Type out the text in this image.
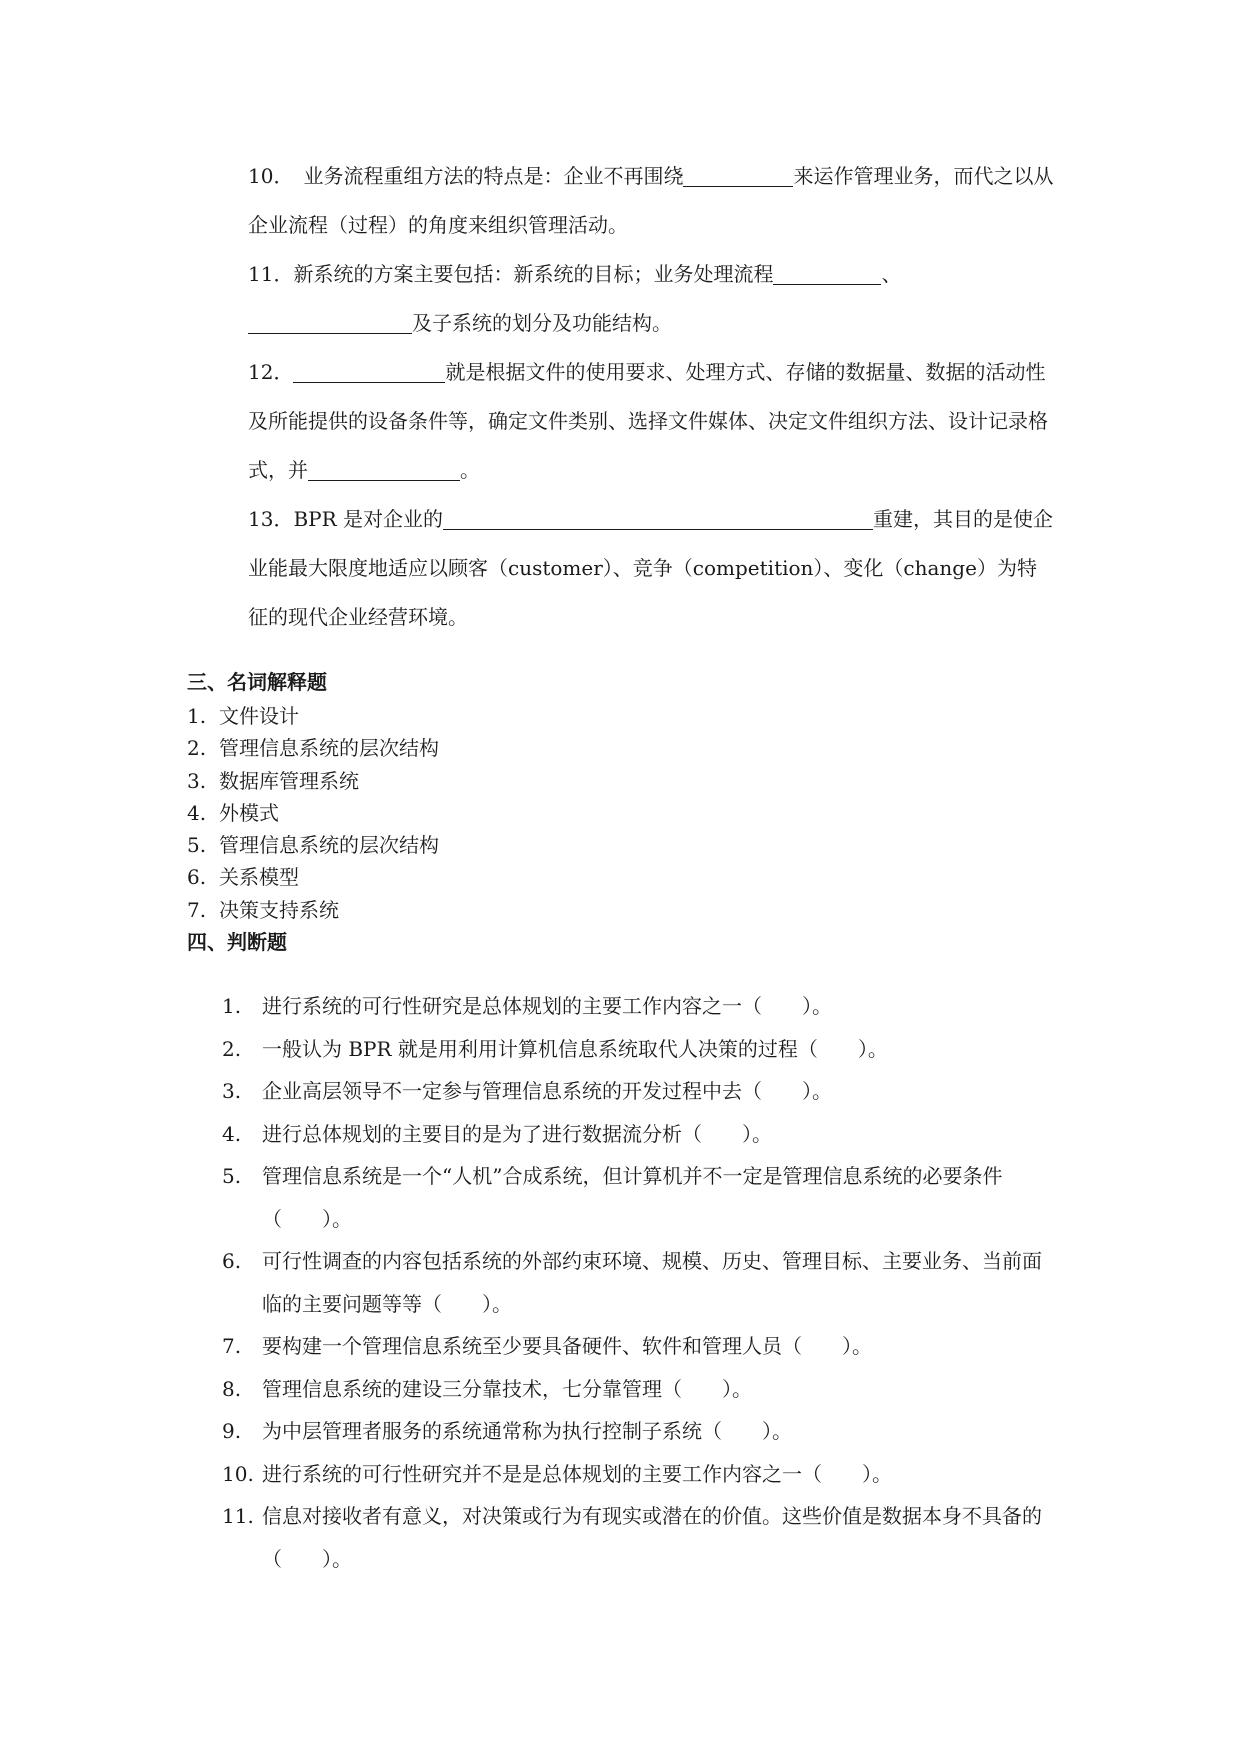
10．　业务流程重组方法的特点是：企业不再围绕	来运作管理业务，而代之以从企业流程（过程）的角度来组织管理活动。

11．新系统的方案主要包括：新系统的目标；业务处理流程	、
及子系统的划分及功能结构。

12．	就是根据文件的使用要求、处理方式、存储的数据量、数据的活动性及所能提供的设备条件等，确定文件类别、选择文件媒体、决定文件组织方法、设计记录格式，并	。

13．BPR 是对企业的	重建，其目的是使企业能最大限度地适应以顾客（customer）、竞争（competition）、变化（change）为特征的现代企业经营环境。

三、名词解释题
1. 文件设计
2. 管理信息系统的层次结构
3. 数据库管理系统
4. 外模式
5. 管理信息系统的层次结构
6. 关系模型
7. 决策支持系统
四、判断题
1.	进行系统的可行性研究是总体规划的主要工作内容之一（　　）。
2.	一般认为 BPR 就是用利用计算机信息系统取代人决策的过程（　　）。
3.	企业高层领导不一定参与管理信息系统的开发过程中去（　　）。
4.	进行总体规划的主要目的是为了进行数据流分析（　　）。
5.	管理信息系统是一个“人机”合成系统，但计算机并不一定是管理信息系统的必要条件（　　）。
6.	可行性调查的内容包括系统的外部约束环境、规模、历史、管理目标、主要业务、当前面临的主要问题等等（　　）。
7.	要构建一个管理信息系统至少要具备硬件、软件和管理人员（　　）。
8.	管理信息系统的建设三分靠技术，七分靠管理（　　）。
9.	为中层管理者服务的系统通常称为执行控制子系统（　　）。
10. 进行系统的可行性研究并不是是总体规划的主要工作内容之一（　　）。
11. 信息对接收者有意义，对决策或行为有现实或潜在的价值。这些价值是数据本身不具备的（　　）。
